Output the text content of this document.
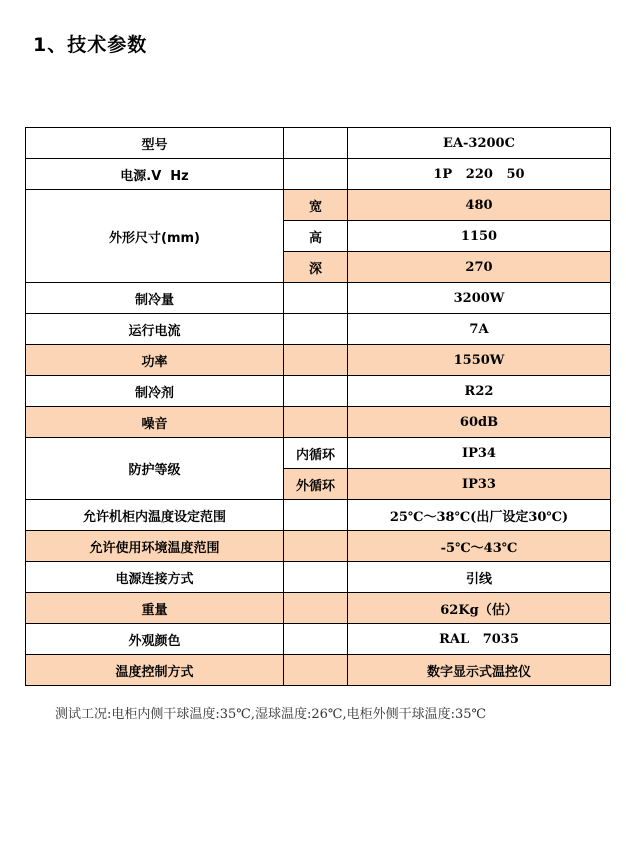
1、技术参数
型号		EA-3200C
电源.V  Hz		1P   220   50
外形尺寸(mm)	宽	480
	高	1150
	深	270
制冷量		3200W
运行电流		7A
功率		1550W
制冷剂		R22
噪音		60dB
防护等级	内循环	IP34
	外循环	IP33
允许机柜内温度设定范围		25℃～38℃(出厂设定30℃)
允许使用环境温度范围		-5℃～43℃
电源连接方式		引线
重量		62Kg（估）
外观颜色		RAL   7035
温度控制方式		数字显示式温控仪
测试工况:电柜内侧干球温度:35℃,湿球温度:26℃,电柜外侧干球温度:35℃
